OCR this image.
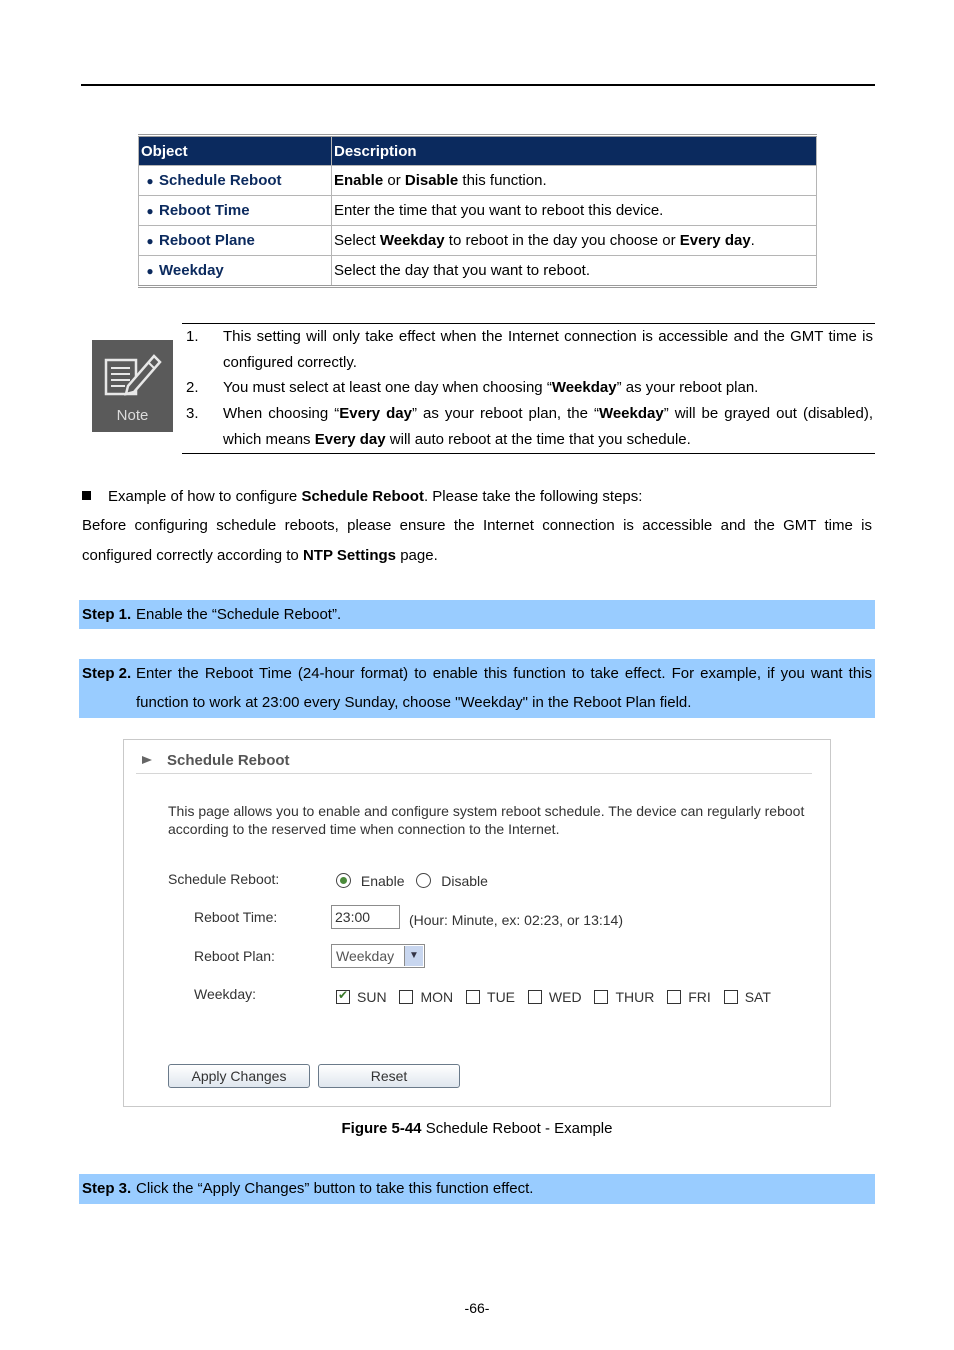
Object	Description
● Schedule Reboot	Enable or Disable this function.
● Reboot Time	Enter the time that you want to reboot this device.
● Reboot Plane	Select Weekday to reboot in the day you choose or Every day.
● Weekday	Select the day that you want to reboot.
Note
1. This setting will only take effect when the Internet connection is accessible and the GMT time is configured correctly.
2. You must select at least one day when choosing “Weekday” as your reboot plan.
3. When choosing “Every day” as your reboot plan, the “Weekday” will be grayed out (disabled), which means Every day will auto reboot at the time that you schedule.
Example of how to configure Schedule Reboot. Please take the following steps:
Before configuring schedule reboots, please ensure the Internet connection is accessible and the GMT time is configured correctly according to NTP Settings page.
Step 1. Enable the “Schedule Reboot”.
Step 2. Enter the Reboot Time (24-hour format) to enable this function to take effect. For example, if you want this function to work at 23:00 every Sunday, choose "Weekday" in the Reboot Plan field.
Schedule Reboot
This page allows you to enable and configure system reboot schedule. The device can regularly reboot according to the reserved time when connection to the Internet.
Schedule Reboot:	Enable	Disable
Reboot Time:	23:00	(Hour: Minute, ex: 02:23, or 13:14)
Reboot Plan:	Weekday	▼
Weekday: ✔	SUN MON TUE WED THUR FRI SAT
Apply Changes	Reset
Figure 5-44 Schedule Reboot - Example
Step 3. Click the “Apply Changes” button to take this function effect.
-66-
